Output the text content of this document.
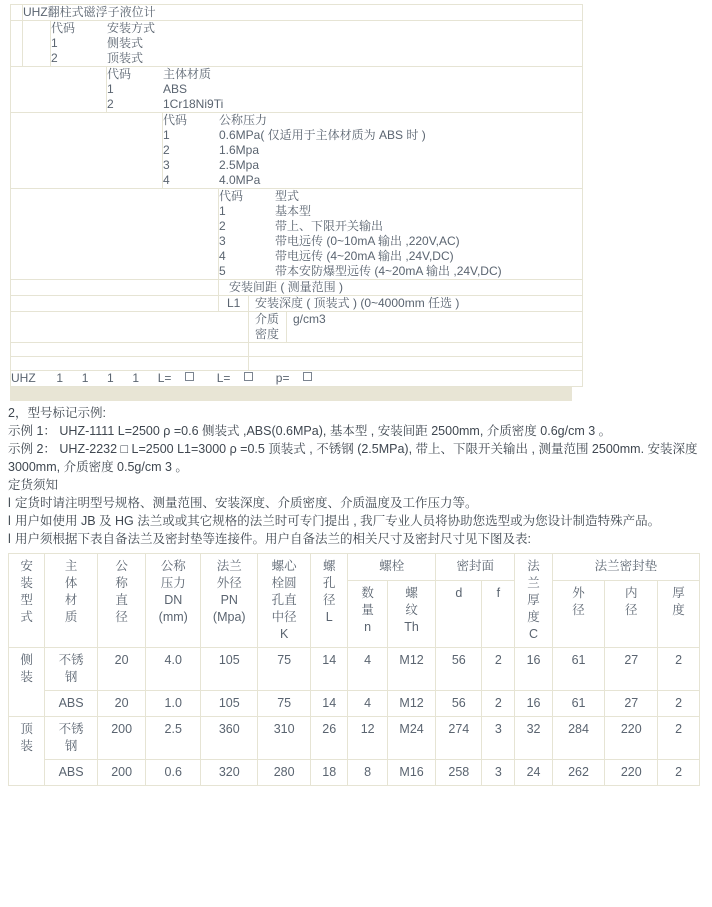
	UHZ翻柱式磁浮子液位计						

代码	安装方式
1	侧装式
2	顶装式

代码	主体材质
1	ABS
2	1Cr18Ni9Ti

代码	公称压力
1	0.6MPa( 仅适用于主体材质为 ABS 时 )
2	1.6Mpa
3	2.5Mpa
4	4.0MPa

代码	型式
1	基本型
2	带上、下限开关输出
3	带电远传 (0~10mA 输出 ,220V,AC)
4	带电远传 (4~20mA 输出 ,24V,DC)
5	带本安防爆型远传 (4~20mA 输出 ,24V,DC)

					安装间距 ( 测量范围 )		
					L1	安装深度 ( 顶装式 ) (0~4000mm 任选 )	

						介质
密度	g/cm3

UHZ 1 1 1 1 L= L= p=							

2，型号标记示例:

示例 1： UHZ-1111 L=2500 ρ =0.6 侧装式 ,ABS(0.6MPa), 基本型 , 安装间距 2500mm, 介质密度 0.6g/cm 3 。

示例 2： UHZ-2232 □ L=2500 L1=3000 ρ =0.5 顶装式 , 不锈钢 (2.5MPa), 带上、下限开关输出 , 测量范围 2500mm. 安装深度 3000mm, 介质密度 0.5g/cm 3 。

定货须知

l 定货时请注明型号规格、测量范围、安装深度、介质密度、介质温度及工作压力等。

l 用户如使用 JB 及 HG 法兰或或其它规格的法兰时可专门提出 , 我厂专业人员将协助您选型或为您设计制造特殊产品。

l 用户须根据下表自备法兰及密封垫等连接件。用户自备法兰的相关尺寸及密封尺寸见下图及表:

安
装
型
式	主
体
材
质	公
称
直
径	公称
压力
DN
(mm)	法兰
外径
PN
(Mpa)	螺心
栓圆
孔直
中径
K	螺
孔
径
L	螺栓		密封面		法
兰
厚
度
C	法兰密封垫		

							数
量
n	螺
纹
Th	d	f		外
径	内
径	厚
度

侧
装	不锈
钢	20	4.0	105	75	14	4	M12	56	2	16	61	27	2

	ABS	20	1.0	105	75	14	4	M12	56	2	16	61	27	2

顶
装	不锈
钢	200	2.5	360	310	26	12	M24	274	3	32	284	220	2

	ABS	200	0.6	320	280	18	8	M16	258	3	24	262	220	2
